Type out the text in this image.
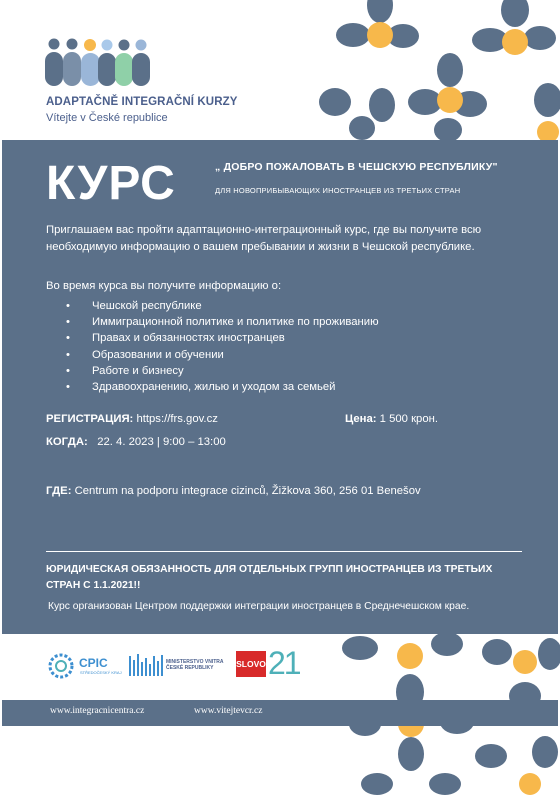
ADAPTAČNĚ INTEGRAČNÍ KURZY
Vítejte v České republice
КУРС	„ ДОБРО ПОЖАЛОВАТЬ В ЧЕШСКУЮ РЕСПУБЛИКУ"
ДЛЯ НОВОПРИБЫВАЮЩИХ ИНОСТРАНЦЕВ ИЗ ТРЕТЬИХ СТРАН
Приглашаем вас пройти адаптационно-интеграционный курс, где вы получите всю необходимую информацию о вашем пребывании и жизни в Чешской республике.
Во время курса вы получите информацию о:
• Чешской республике
• Иммиграционной политике и политике по проживанию
• Правах и обязанностях иностранцев
• Образовании и обучении
• Работе и бизнесу
• Здравоохранению, жилью и уходом за семьей
РЕГИСТРАЦИЯ: https://frs.gov.cz	Цена: 1 500 крон.
КОГДА:   22. 4. 2023 | 9:00 – 13:00
ГДЕ: Centrum na podporu integrace cizinců, Žižkova 360, 256 01 Benešov
ЮРИДИЧЕСКАЯ ОБЯЗАННОСТЬ ДЛЯ ОТДЕЛЬНЫХ ГРУПП ИНОСТРАНЦЕВ ИЗ ТРЕТЬИХ СТРАН С 1.1.2021!!
Курс организован Центром поддержки интеграции иностранцев в Среднечешском крае.
CPIC
STŘEDOČESKÝ KRAJ
MINISTERSTVO VNITRA
ČESKÉ REPUBLIKY	SLOVO 21
www.integracnicentra.cz	www.vitejtevcr.cz
